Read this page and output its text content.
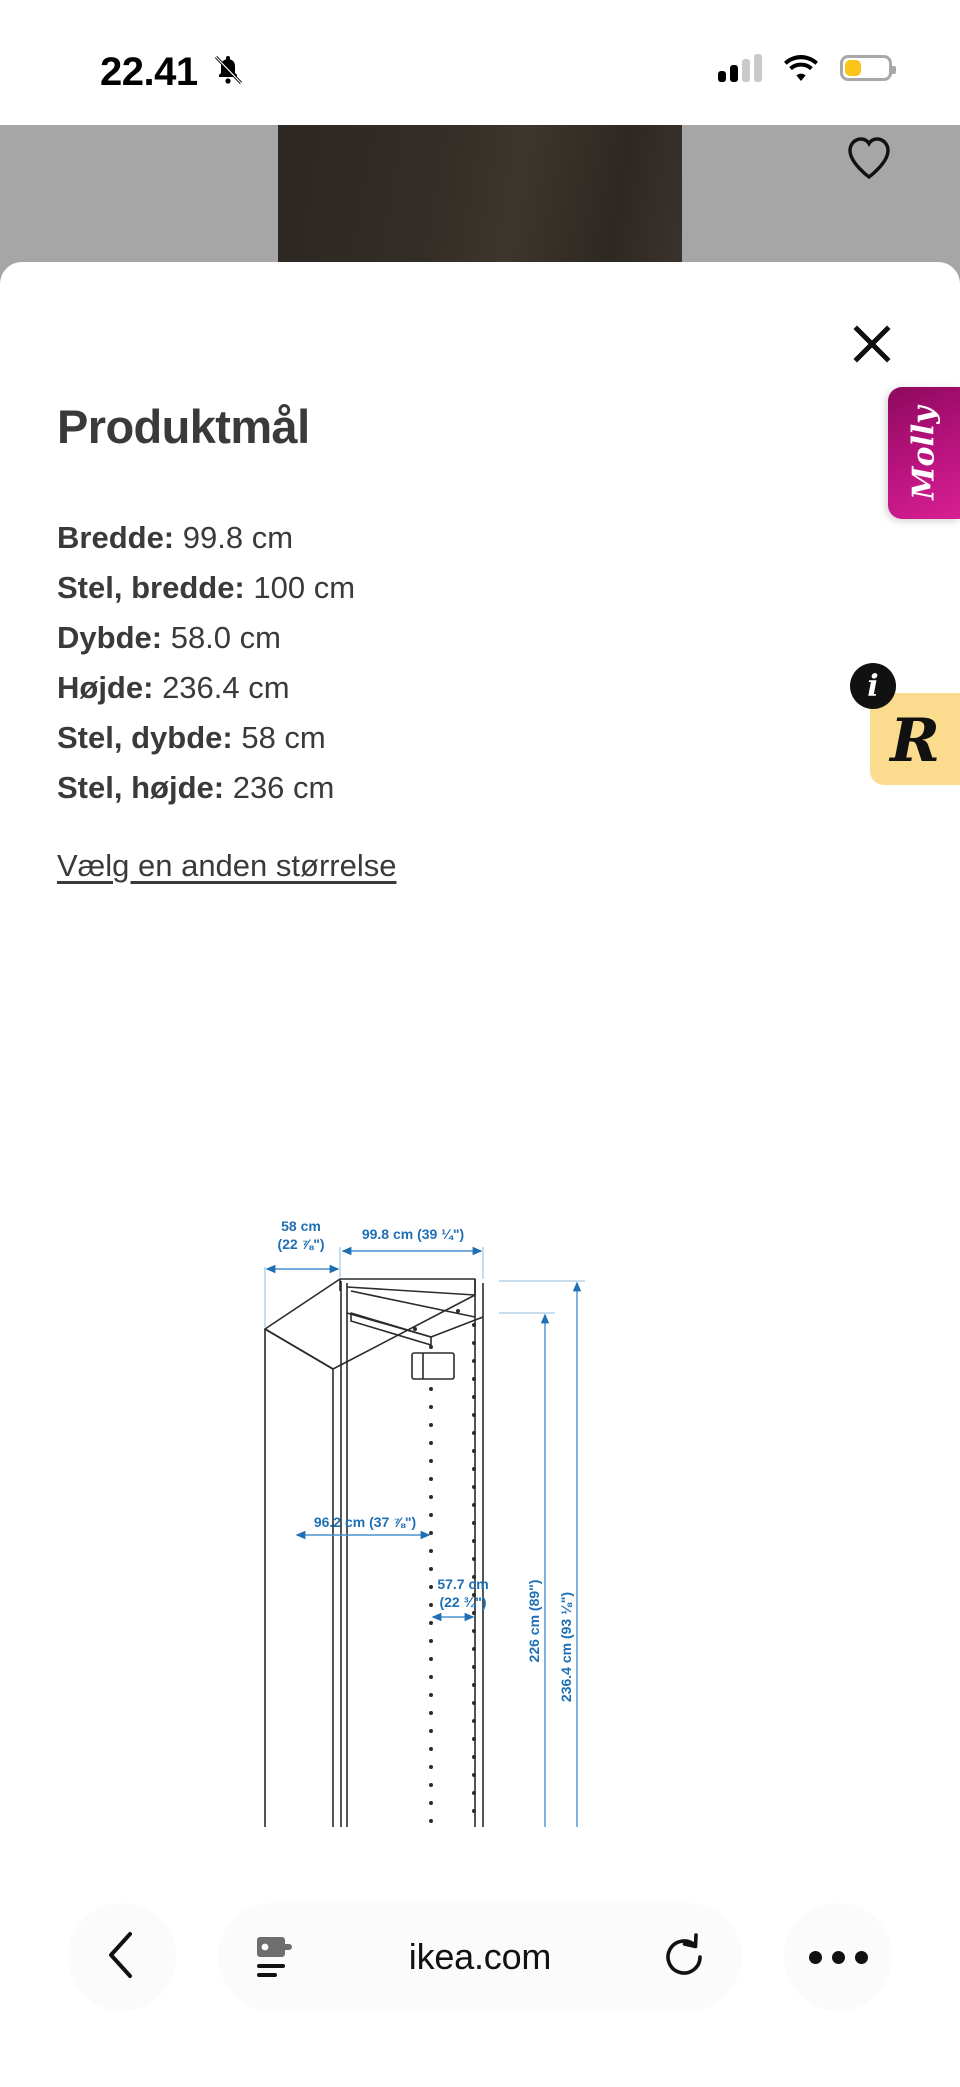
22.41
Produktmål
Bredde: 99.8 cm
Stel, bredde: 100 cm
Dybde: 58.0 cm
Højde: 236.4 cm
Stel, dybde: 58 cm
Stel, højde: 236 cm
Vælg en anden størrelse
58 cm
(22 ⅞")
99.8 cm (39 ¼")
96.2 cm (37 ⅞")
57.7 cm
(22 ¾")	226 cm (89") 236.4 cm (93 ⅛")
Molly
R
i
ikea.com
